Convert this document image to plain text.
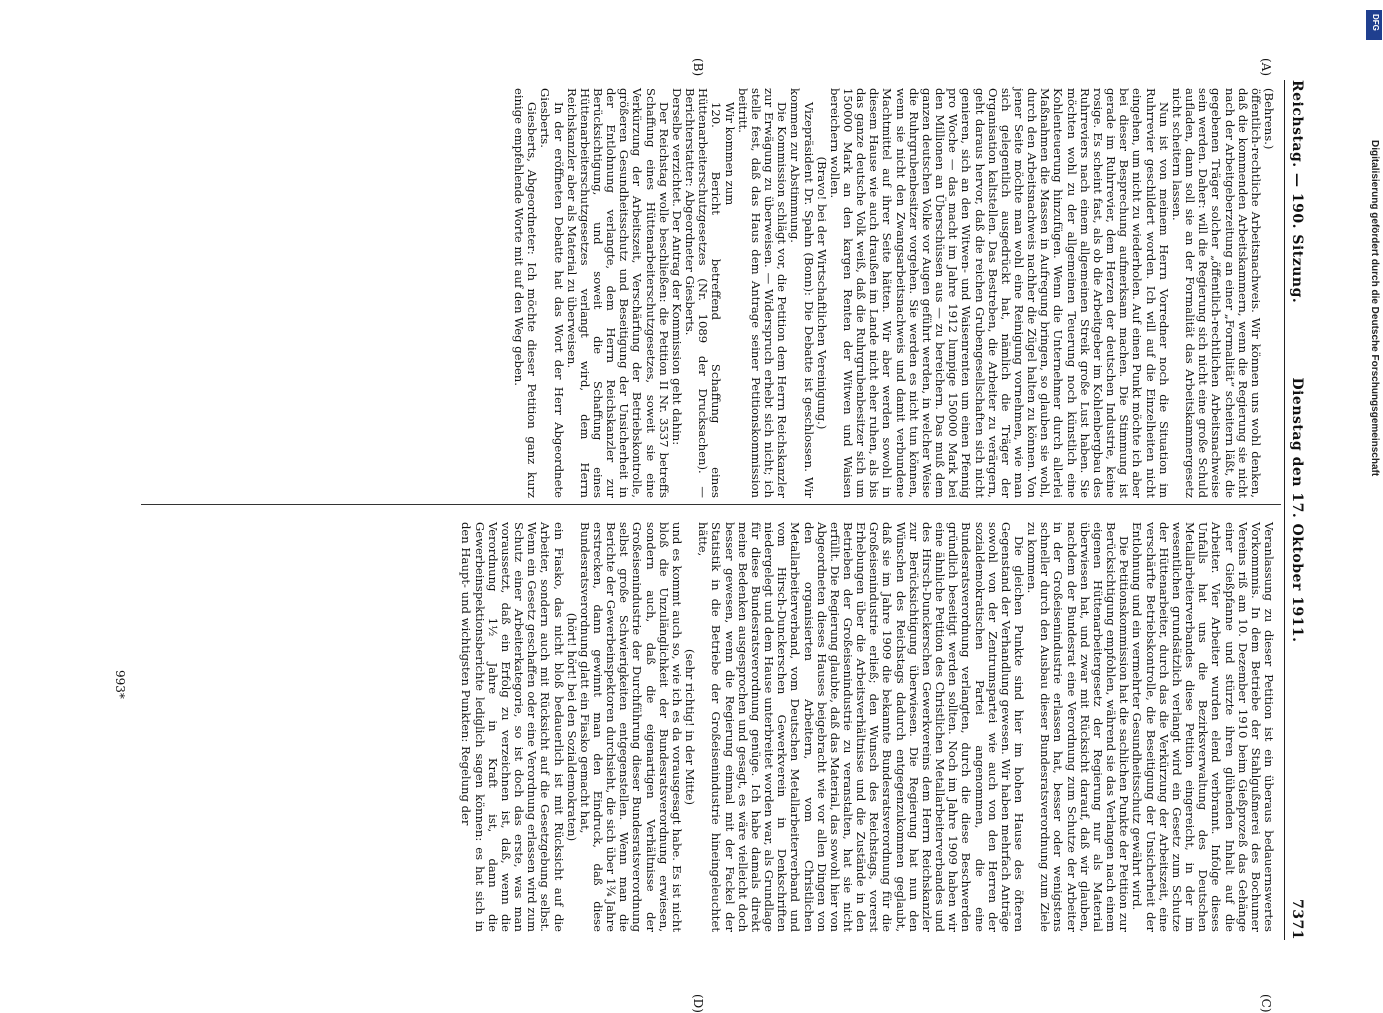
Reichstag. — 190. Sitzung.
Dienstag den 17. Oktober 1911.
7371
(A)
(B)
(C)
(D)

(Behrens.)

öffentlich-rechtliche Arbeitsnachweis. Wir können uns wohl denken, daß die kommenden Arbeitskammern, wenn die Regierung sie nicht nach der Arbeitgeberzeitung an einer „Formalität“ scheitern läßt, die gegebenen Träger solcher „öffentlich-rechtlichen Arbeitsnachweise sein werden. Daher: will die Regierung sich nicht eine große Schuld aufladen, dann soll sie an der Formalität das Arbeitskammergesetz nicht scheitern lassen.

Nun ist von meinem Herrn Vorredner noch die Situation im Ruhrrevier geschildert worden. Ich will auf die Einzelheiten nicht eingehen, um nicht zu wiederholen. Auf einen Punkt möchte ich aber bei dieser Besprechung aufmerksam machen. Die Stimmung ist gerade im Ruhrrevier, dem Herzen der deutschen Industrie, keine rosige. Es scheint fast, als ob die Arbeitgeber im Kohlenbergbau des Ruhrreviers nach einem allgemeinen Streik große Lust haben. Sie möchten wohl zu der allgemeinen Teuerung noch künstlich eine Kohlenteuerung hinzufügen. Wenn die Unternehmer durch allerlei Maßnahmen die Massen in Aufregung bringen, so glauben sie wohl, durch den Arbeitsnachweis nachher die Zügel halten zu können. Von jener Seite möchte man wohl eine Reinigung vornehmen, wie man sich gelegentlich ausgedrückt hat, nämlich die Träger der Organisation kaltstellen. Das Bestreben, die Arbeiter zu verärgern, geht daraus hervor, daß die reichen Grubengesellschaften sich nicht genieren, sich an den Witwen- und Waisenrenten um einen Pfennig pro Woche — das macht im Jahre 1912 lumpige 150000 Mark bei den Millionen an Überschüssen aus — zu bereichern. Das muß dem ganzen deutschen Volke vor Augen geführt werden, in welcher Weise die Ruhrgrubenbesitzer vorgehen. Sie werden es nicht tun können, wenn sie nicht den Zwangsarbeitsnachweis und damit verbundene Machtmittel auf ihrer Seite hätten. Wir aber werden sowohl in diesem Hause wie auch draußen im Lande nicht eher ruhen, als bis das ganze deutsche Volk weiß, daß die Ruhrgrubenbesitzer sich um 150000 Mark an den kargen Renten der Witwen und Waisen bereichern wollen.

(Bravo! bei der Wirtschaftlichen Vereinigung.)

Vizepräsident Dr. Spahn (Bonn): Die Debatte ist geschlossen. Wir kommen zur Abstimmung.

Die Kommission schlägt vor, die Petition dem Herrn Reichskanzler zur Erwägung zu überweisen. — Widerspruch erhebt sich nicht; ich stelle fest, daß das Haus dem Antrage seiner Petitionskommission beitritt.

Wir kommen zum

120. Bericht betreffend Schaffung eines Hüttenarbeiterschutzgesetzes (Nr. 1089 der Drucksachen). — Berichterstatter: Abgeordneter Giesberts.

Derselbe verzichtet. Der Antrag der Kommission geht dahin:

Der Reichstag wolle beschließen: die Petition II Nr. 3537 betreffs Schaffung eines Hüttenarbeiterschutzgesetzes, soweit sie eine Verkürzung der Arbeitszeit, Verschärfung der Betriebskontrolle, größeren Gesundheitsschutz und Beseitigung der Unsicherheit in der Entlohnung verlangte, dem Herrn Reichskanzler zur Berücksichtigung, und soweit die Schaffung eines Hüttenarbeiterschutzgesetzes verlangt wird, dem Herrn Reichskanzler aber als Material zu überweisen.

In der eröffneten Debatte hat das Wort der Herr Abgeordnete Giesberts.

Giesberts, Abgeordneter: Ich möchte dieser Petition ganz kurz einige empfehlende Worte mit auf den Weg geben.

Veranlassung zu dieser Petition ist ein überaus bedauernswertes Vorkommnis. In dem Betriebe der Stahlgußmerei des Bochumer Vereins riß am 10. Dezember 1910 beim Gießprozeß das Gehänge einer Gießpfanne und stürzte ihren glühenden Inhalt auf die Arbeiter. Vier Arbeiter wurden elend verbrannt. Infolge dieses Unfalls hat uns die Bezirksverwaltung des Deutschen Metallarbeiterverbandes diese Petition eingereicht, in der im wesentlichen grundsätzlich verlangt wird ein Gesetz zum Schutze der Hüttenarbeiter, durch das die Verkürzung der Arbeitszeit, eine verschärfte Betriebskontrolle, die Beseitigung der Unsicherheit der Entlohnung und ein vermehrter Gesundheitsschutz gewährt wird.

Die Petitionskommission hat die sachlichen Punkte der Petition zur Berücksichtigung empfohlen, während sie das Verlangen nach einem eigenen Hüttenarbeitergesetz der Regierung nur als Material überwiesen hat, und zwar mit Rücksicht darauf, daß wir glauben, nachdem der Bundesrat eine Verordnung zum Schutze der Arbeiter in der Großeisenindustrie erlassen hat, besser oder wenigstens schneller durch den Ausbau dieser Bundesratsverordnung zum Ziele zu kommen.

Die gleichen Punkte sind hier im hohen Hause des öfteren Gegenstand der Verhandlung gewesen. Wir haben mehrfach Anträge sowohl von der Zentrumspartei wie auch von den Herren der sozialdemokratischen Partei angenommen, die eine Bundesratsverordnung verlangten, durch die diese Beschwerden gründlich beseitigt werden sollten. Noch im Jahre 1909 haben wir eine ähnliche Petition des Christlichen Metallarbeiterverbandes und des Hirsch-Dunckerschen Gewerkvereins dem Herrn Reichskanzler zur Berücksichtigung überwiesen. Die Regierung hat nun den Wünschen des Reichstags dadurch entgegenzukommen geglaubt, daß sie im Jahre 1909 die bekannte Bundesratsverordnung für die Großeisenindustrie erließ; den Wunsch des Reichstags, vorerst Erhebungen über die Arbeitsverhältnisse und die Zustände in den Betrieben der Großeisenindustrie zu veranstalten, hat sie nicht erfüllt. Die Regierung glaubte, daß das Material, das sowohl hier von Abgeordneten dieses Hauses beigebracht wie vor allen Dingen von den organisierten Arbeitern, vom Christlichen Metallarbeiterverband, vom Deutschen Metallarbeiterverband und vom Hirsch-Dunckerschen Gewerkverein in Denkschriften niedergelegt und dem Hause unterbreitet worden war, als Grundlage für diese Bundesratsverordnung genüge. Ich habe damals direkt meine Bedenken ausgesprochen und gesagt, es wäre vielleicht doch besser gewesen, wenn die Regierung einmal mit der Fackel der Statistik in die Betriebe der Großeisenindustrie hineingeleuchtet hätte,

(sehr richtig! in der Mitte)

und es kommt auch so, wie ich es da vorausgesagt habe. Es ist nicht bloß die Unzulänglichkeit der Bundesratsverordnung erwiesen, sondern auch, daß die eigenartigen Verhältnisse der Großeisenindustrie der Durchführung dieser Bundesratsverordnung selbst große Schwierigkeiten entgegenstellen. Wenn man die Berichte der Gewerbeinspektoren durchsieht, die sich über 1¾ Jahre erstrecken, dann gewinnt man den Eindruck, daß diese Bundesratsverordnung glatt ein Fiasko gemacht hat,

(hört! hört! bei den Sozialdemokraten)

ein Fiasko, das nicht bloß bedauerlich ist mit Rücksicht auf die Arbeiter, sondern auch mit Rücksicht auf die Gesetzgebung selbst. Wenn ein Gesetz geschaffen oder eine Verordnung erlassen wird zum Schutz einer Arbeiterkategorie, so ist doch das erste, was man voraussetzt, daß ein Erfolg zu verzeichnen ist, daß, wenn die Verordnung 1½ Jahre in Kraft ist, dann die Gewerbeinspektionsberichte lediglich sagen können: es hat sich in den Haupt- und wichtigsten Punkten: Regelung der

993*
DFG
Digitalisierung gefördert durch die Deutsche Forschungsgemeinschaft
